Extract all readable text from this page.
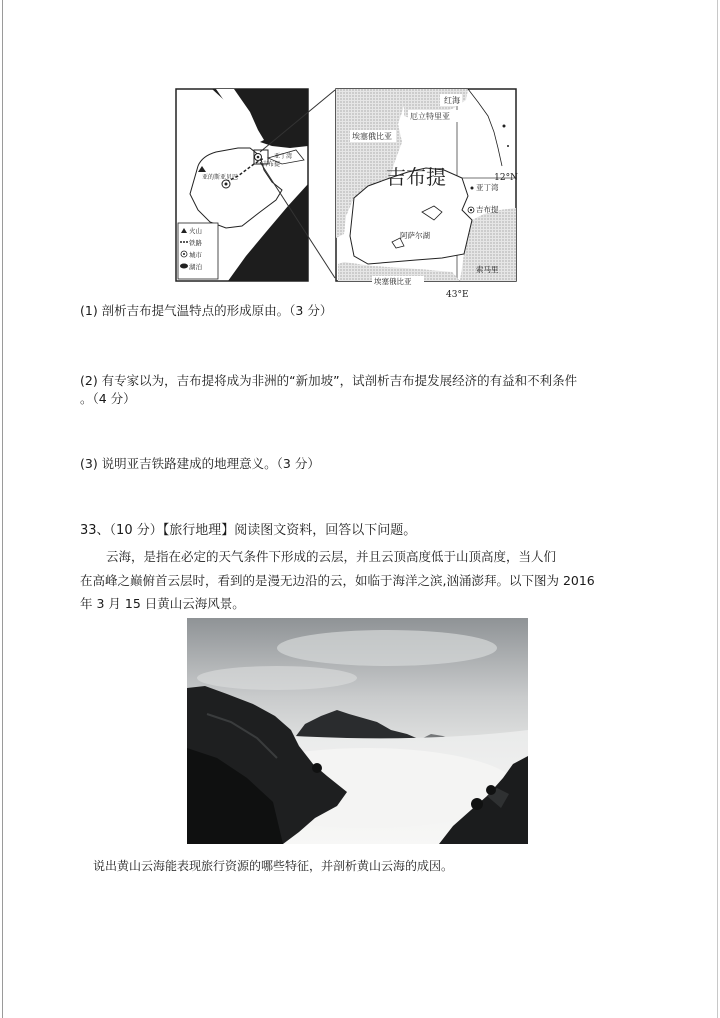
红
海
亚丁湾
吉布提
亚的斯亚贝巴
火山
铁路
城市
湖泊
红海
厄立特里亚
埃塞俄比亚
吉布提	亚丁湾
吉布提
阿萨尔湖
埃塞俄比亚
索马里
12°N
43°E
(1) 剖析吉布提气温特点的形成原由。（3 分）
(2) 有专家以为，吉布提将成为非洲的“新加坡”，试剖析吉布提发展经济的有益和不利条件
。（4 分）
(3) 说明亚吉铁路建成的地理意义。（3 分）
33、（10 分）【旅行地理】阅读图文资料，回答以下问题。
云海，是指在必定的天气条件下形成的云层，并且云顶高度低于山顶高度，当人们
在高峰之巅俯首云层时，看到的是漫无边沿的云，如临于海洋之滨,汹涌澎拜。以下图为 2016
年 3 月 15 日黄山云海风景。
说出黄山云海能表现旅行资源的哪些特征，并剖析黄山云海的成因。
